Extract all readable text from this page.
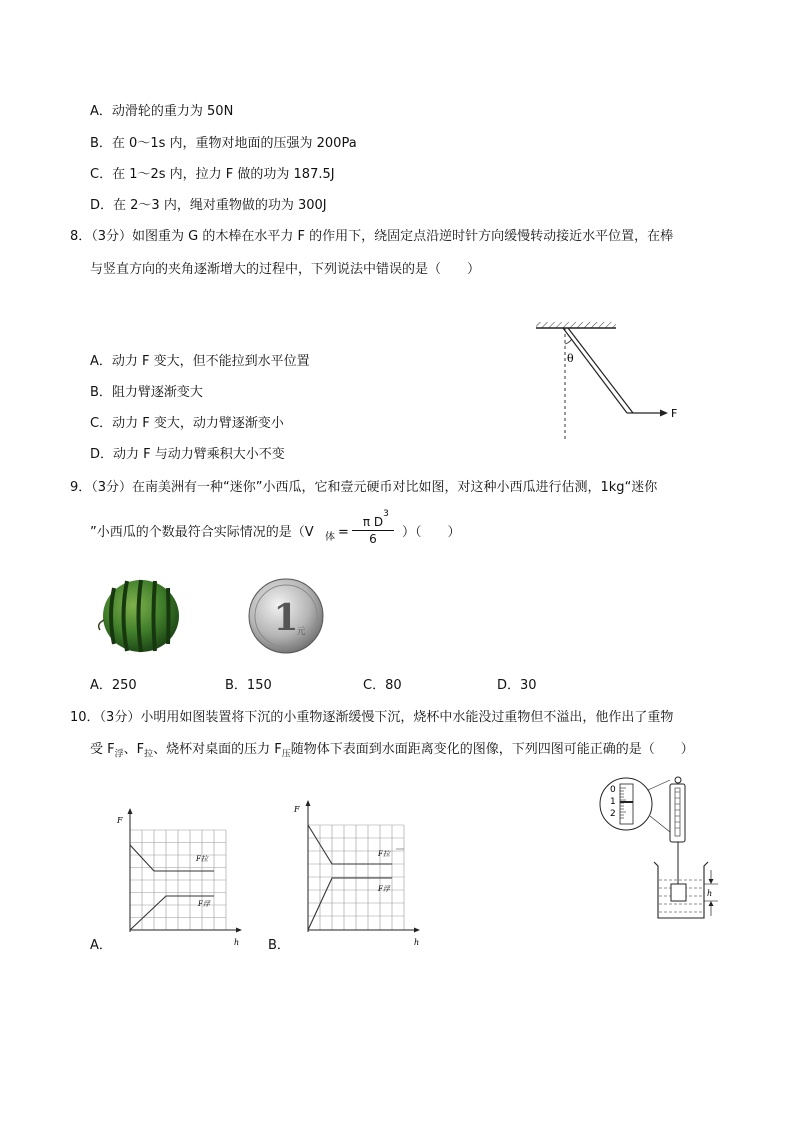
A．动滑轮的重力为 50N
B．在 0～1s 内，重物对地面的压强为 200Pa
C．在 1～2s 内，拉力 F 做的功为 187.5J
D．在 2～3 内，绳对重物做的功为 300J
8．（3分）如图重为 G 的木棒在水平力 F 的作用下，绕固定点沿逆时针方向缓慢转动接近水平位置，在棒
与竖直方向的夹角逐渐增大的过程中，下列说法中错误的是（　　）
A．动力 F 变大，但不能拉到水平位置
B．阻力臂逐渐变大
C．动力 F 变大，动力臂逐渐变小
D．动力 F 与动力臂乘积大小不变
θ
F
9．（3分）在南美洲有一种“迷你”小西瓜，它和壹元硬币对比如图，对这种小西瓜进行估测，1kg“迷你
”小西瓜的个数最符合实际情况的是（V 体 = π D
3
6 ）（　　）
1
元
A．250	B．150	C．80	D．30
10．（3分）小明用如图装置将下沉的小重物逐渐缓慢下沉，烧杯中水能没过重物但不溢出，他作出了重物
受 $F_浮$、$F_拉$、烧杯对桌面的压力 $F_压$随物体下表面到水面距离变化的图像，下列四图可能正确的是（　　）
F
h
F拉
F浮
A．
F
h
F拉
F浮
B．
0
1
2
h
